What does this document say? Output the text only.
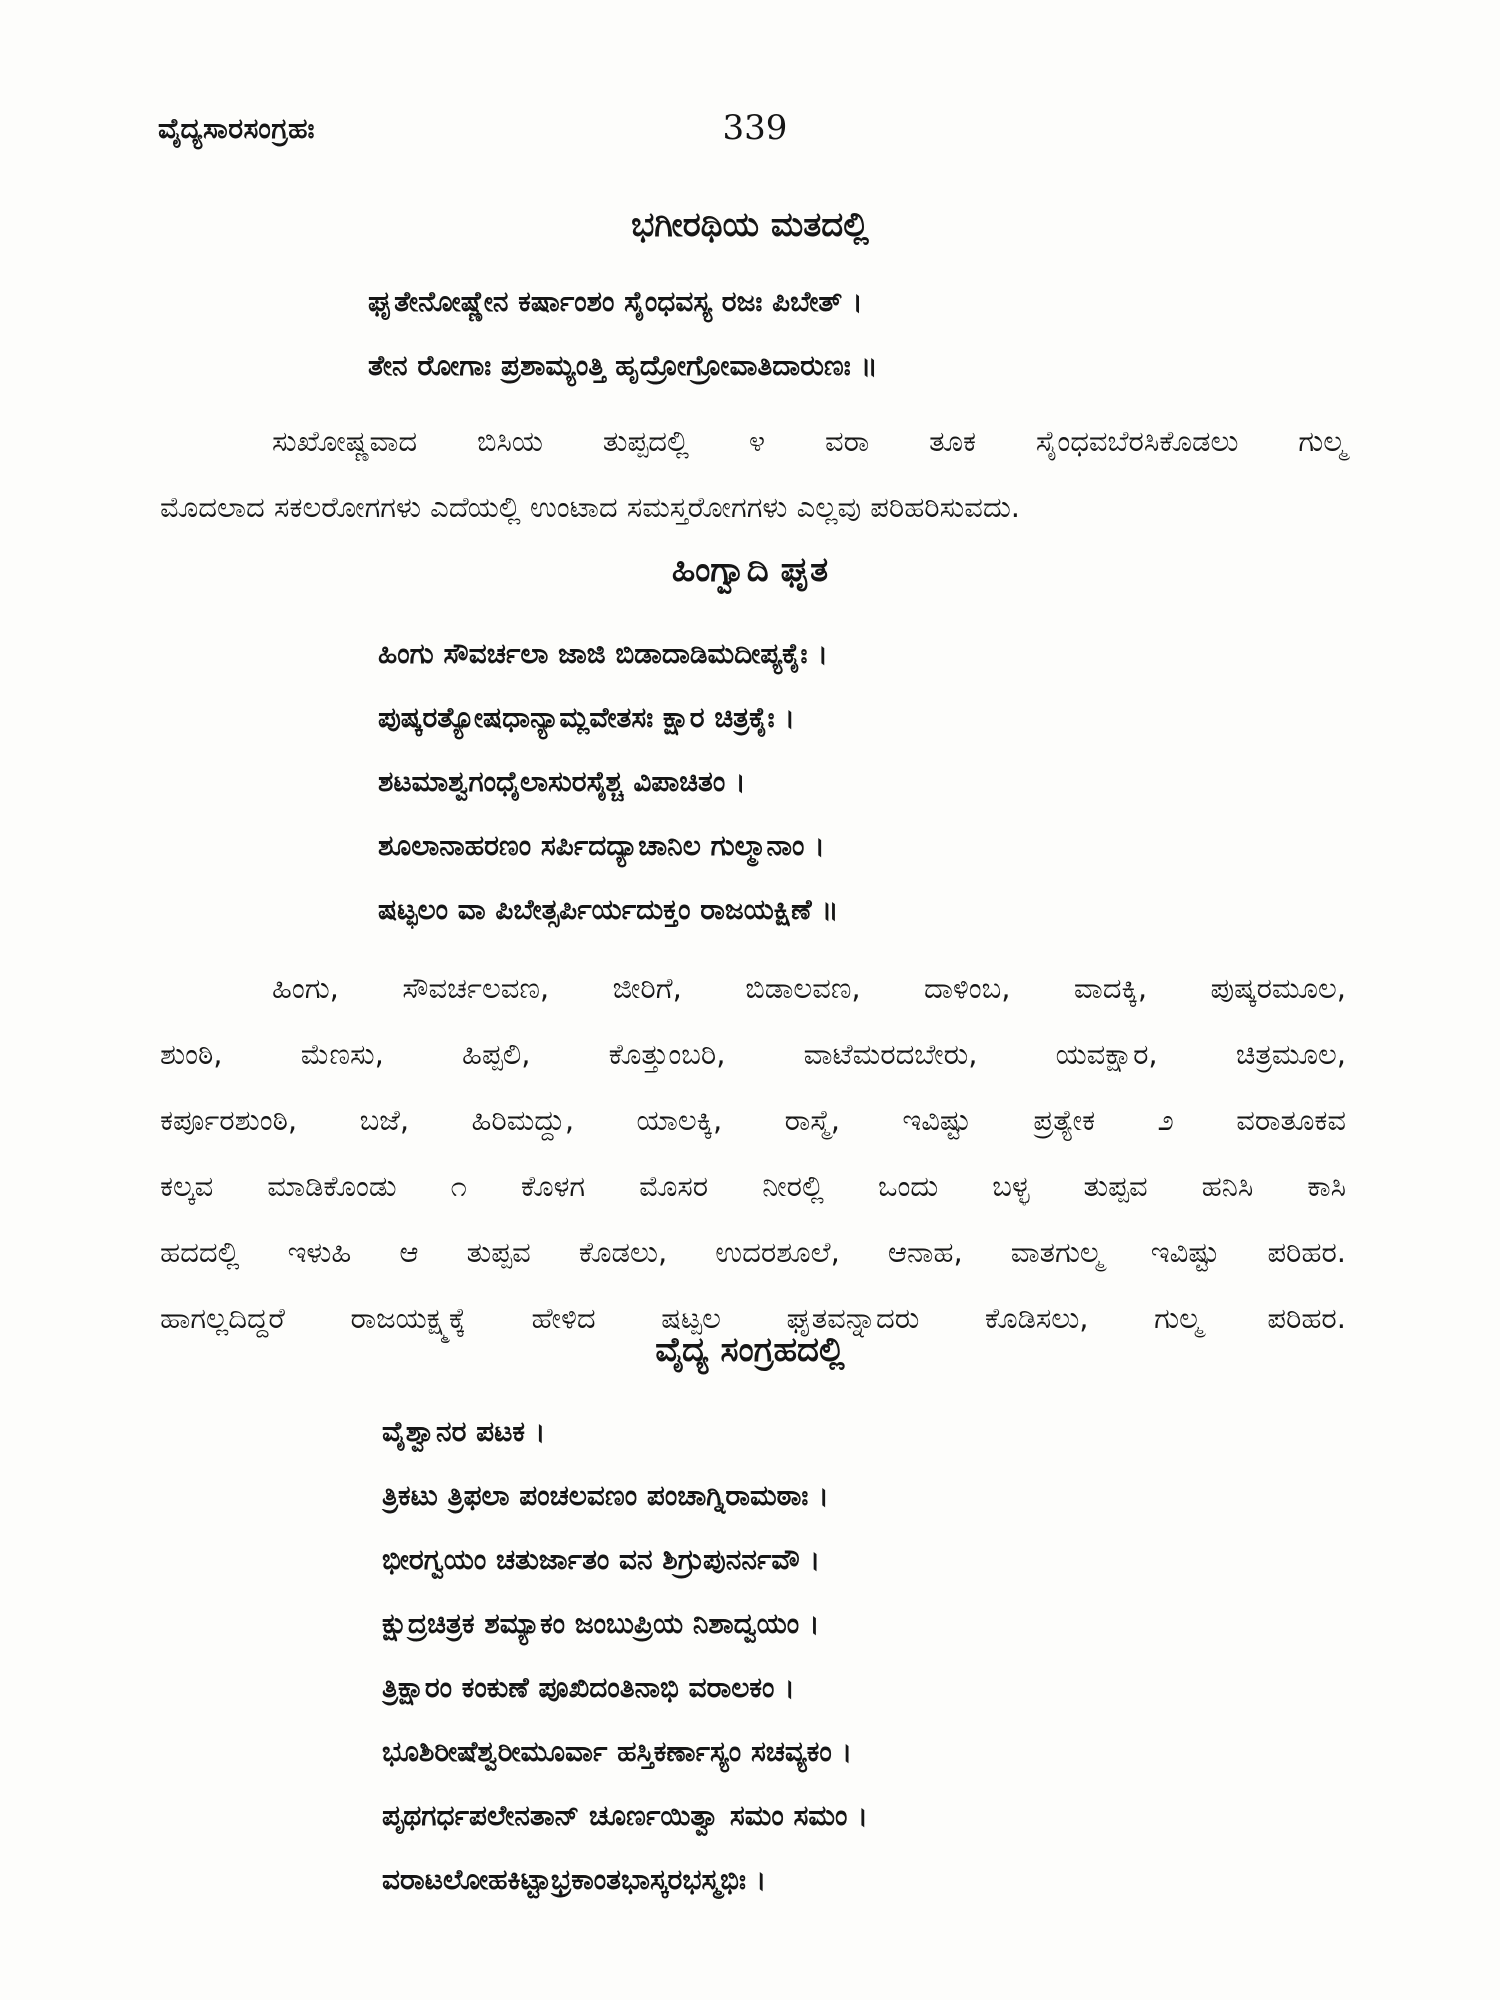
ವೈದ್ಯಸಾರಸಂಗ್ರಹಃ	339
ಭಗೀರಥಿಯ ಮತದಲ್ಲಿ
ಘೃತೇನೋಷ್ಣೇನ ಕರ್ಷಾಂಶಂ ಸೈಂಧವಸ್ಯ ರಜಃ ಪಿಬೇತ್ ।
ತೇನ ರೋಗಾಃ ಪ್ರಶಾಮ್ಯಂತ್ತಿ ಹೃದ್ರೋಗ್ರೋವಾತಿದಾರುಣಃ ॥
ಸುಖೋಷ್ಣವಾದ ಬಿಸಿಯ ತುಪ್ಪದಲ್ಲಿ ೪ ವರಾ ತೂಕ ಸೈಂಧವಬೆರಸಿಕೊಡಲು ಗುಲ್ಮ
ಮೊದಲಾದ ಸಕಲರೋಗಗಳು ಎದೆಯಲ್ಲಿ ಉಂಟಾದ ಸಮಸ್ತರೋಗಗಳು ಎಲ್ಲವು ಪರಿಹರಿಸುವದು.
ಹಿಂಗ್ವಾದಿ ಘೃತ
ಹಿಂಗು ಸೌವರ್ಚಲಾ ಜಾಜಿ ಬಿಡಾದಾಡಿಮದೀಪ್ಯಕೈಃ ।
ಪುಷ್ಕರತ್ಯೋಷಧಾನ್ಯಾಮ್ಲವೇತಸಃ ಕ್ಷಾರ ಚಿತ್ರಕೈಃ ।
ಶಟಮಾಶ್ವಗಂಧೈಲಾಸುರಸೈಶ್ಚ ವಿಪಾಚಿತಂ ।
ಶೂಲಾನಾಹರಣಂ ಸರ್ಪಿದದ್ಯಾಚಾನಿಲ ಗುಲ್ಮಾನಾಂ ।
ಷಟ್ಫಲಂ ವಾ ಪಿಬೇತ್ಸರ್ಪಿರ್ಯದುಕ್ತಂ ರಾಜಯಕ್ಷಿಣೆ ॥
ಹಿಂಗು, ಸೌವರ್ಚಲವಣ, ಜೀರಿಗೆ, ಬಿಡಾಲವಣ, ದಾಳಿಂಬ, ವಾದಕ್ಕಿ, ಪುಷ್ಕರಮೂಲ,
ಶುಂಠಿ, ಮೆಣಸು, ಹಿಪ್ಪಲಿ, ಕೊತ್ತುಂಬರಿ, ವಾಟೆಮರದಬೇರು, ಯವಕ್ಷಾರ, ಚಿತ್ರಮೂಲ,
ಕರ್ಪೂರಶುಂಠಿ, ಬಜೆ, ಹಿರಿಮದ್ದು, ಯಾಲಕ್ಕಿ, ರಾಸ್ಮೆ, ಇವಿಷ್ಟು ಪ್ರತ್ಯೇಕ ೨ ವರಾತೂಕವ
ಕಲ್ಕವ ಮಾಡಿಕೊಂಡು ೧ ಕೊಳಗ ಮೊಸರ ನೀರಲ್ಲಿ ಒಂದು ಬಳ್ಳ ತುಪ್ಪವ ಹನಿಸಿ ಕಾಸಿ
ಹದದಲ್ಲಿ ಇಳುಹಿ ಆ ತುಪ್ಪವ ಕೊಡಲು, ಉದರಶೂಲೆ, ಆನಾಹ, ವಾತಗುಲ್ಮ ಇವಿಷ್ಟು ಪರಿಹರ.
ಹಾಗಲ್ಲದಿದ್ದರೆ ರಾಜಯಕ್ಷ್ಮಕ್ಕೆ ಹೇಳಿದ ಷಟ್ಪಲ ಘೃತವನ್ನಾದರು ಕೊಡಿಸಲು, ಗುಲ್ಮ ಪರಿಹರ.
ವೈದ್ಯ ಸಂಗ್ರಹದಲ್ಲಿ
ವೈಶ್ವಾನರ ಪಟಕ ।
ತ್ರಿಕಟು ತ್ರಿಫಲಾ ಪಂಚಲವಣಂ ಪಂಚಾಗ್ನಿರಾಮಠಾಃ ।
ಭೀರಗ್ವಯಂ ಚತುರ್ಜಾತಂ ವನ ಶಿಗ್ರುಪುನರ್ನವೌ ।
ಕ್ಷುದ್ರಚಿತ್ರಕ ಶಮ್ಯಾಕಂ ಜಂಬುಪ್ರಿಯ ನಿಶಾದ್ವಯಂ ।
ತ್ರಿಕ್ಷಾರಂ ಕಂಕುಣೆ ಪೂಖಿದಂತಿನಾಭಿ ವರಾಲಕಂ ।
ಭೂಶಿರೀಷೆಶ್ವರೀಮೂರ್ವಾ ಹಸ್ತಿಕರ್ಣಾಸ್ಯಂ ಸಚವ್ಯಕಂ ।
ಪೃಥಗರ್ಧಪಲೇನತಾನ್ ಚೂರ್ಣಯಿತ್ವಾ ಸಮಂ ಸಮಂ ।
ವರಾಟಲೋಹಕಿಟ್ಟಾಭ್ರಕಾಂತಭಾಸ್ಕರಭಸ್ಮಭಿಃ ।
